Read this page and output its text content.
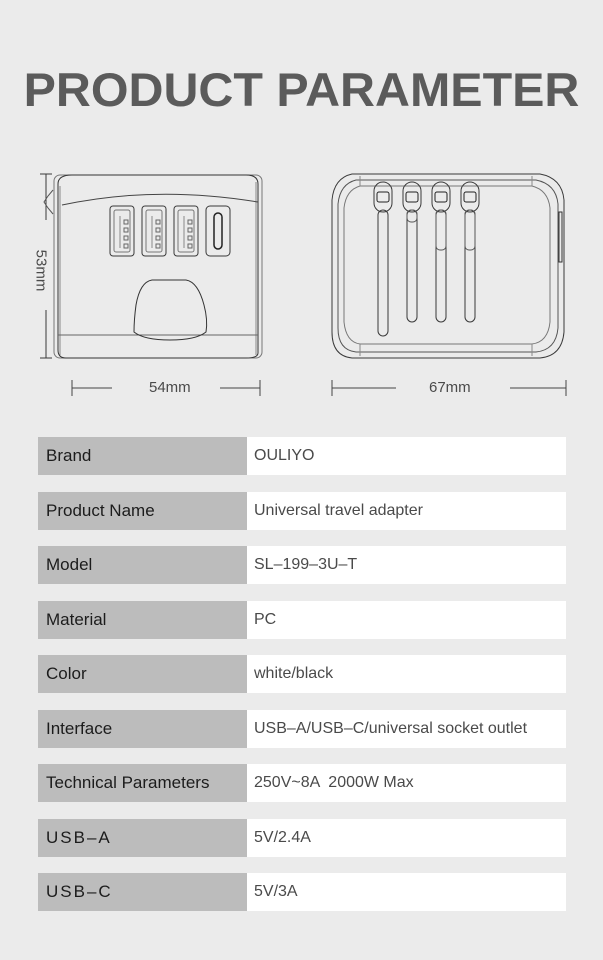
PRODUCT PARAMETER
53mm
54mm	67mm
Brand	OULIYO
Product Name	Universal travel adapter
Model	SL–199–3U–T
Material	PC
Color	white/black
Interface	USB–A/USB–C/universal socket outlet
Technical Parameters	250V~8A  2000W Max
USB–A	5V/2.4A
USB–C	5V/3A
